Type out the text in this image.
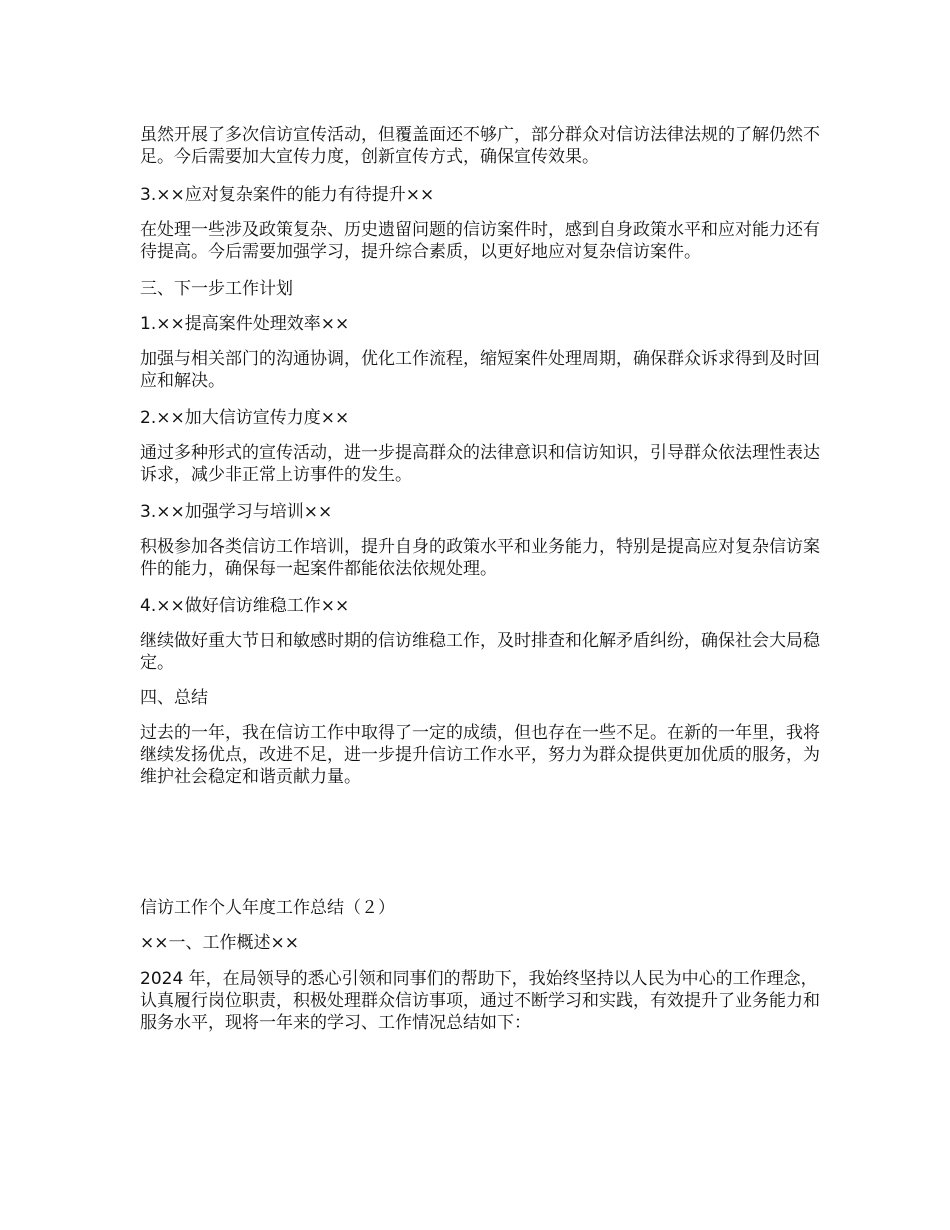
虽然开展了多次信访宣传活动，但覆盖面还不够广，部分群众对信访法律法规的了解仍然不足。今后需要加大宣传力度，创新宣传方式，确保宣传效果。

3.××应对复杂案件的能力有待提升××

在处理一些涉及政策复杂、历史遗留问题的信访案件时，感到自身政策水平和应对能力还有待提高。今后需要加强学习，提升综合素质，以更好地应对复杂信访案件。

三、下一步工作计划

1.××提高案件处理效率××

加强与相关部门的沟通协调，优化工作流程，缩短案件处理周期，确保群众诉求得到及时回应和解决。

2.××加大信访宣传力度××

通过多种形式的宣传活动，进一步提高群众的法律意识和信访知识，引导群众依法理性表达诉求，减少非正常上访事件的发生。

3.××加强学习与培训××

积极参加各类信访工作培训，提升自身的政策水平和业务能力，特别是提高应对复杂信访案件的能力，确保每一起案件都能依法依规处理。

4.××做好信访维稳工作××

继续做好重大节日和敏感时期的信访维稳工作，及时排查和化解矛盾纠纷，确保社会大局稳定。

四、总结

过去的一年，我在信访工作中取得了一定的成绩，但也存在一些不足。在新的一年里，我将继续发扬优点，改进不足，进一步提升信访工作水平，努力为群众提供更加优质的服务，为维护社会稳定和谐贡献力量。

信访工作个人年度工作总结（２）

××一、工作概述××

2024 年，在局领导的悉心引领和同事们的帮助下，我始终坚持以人民为中心的工作理念，认真履行岗位职责，积极处理群众信访事项，通过不断学习和实践，有效提升了业务能力和服务水平，现将一年来的学习、工作情况总结如下：
